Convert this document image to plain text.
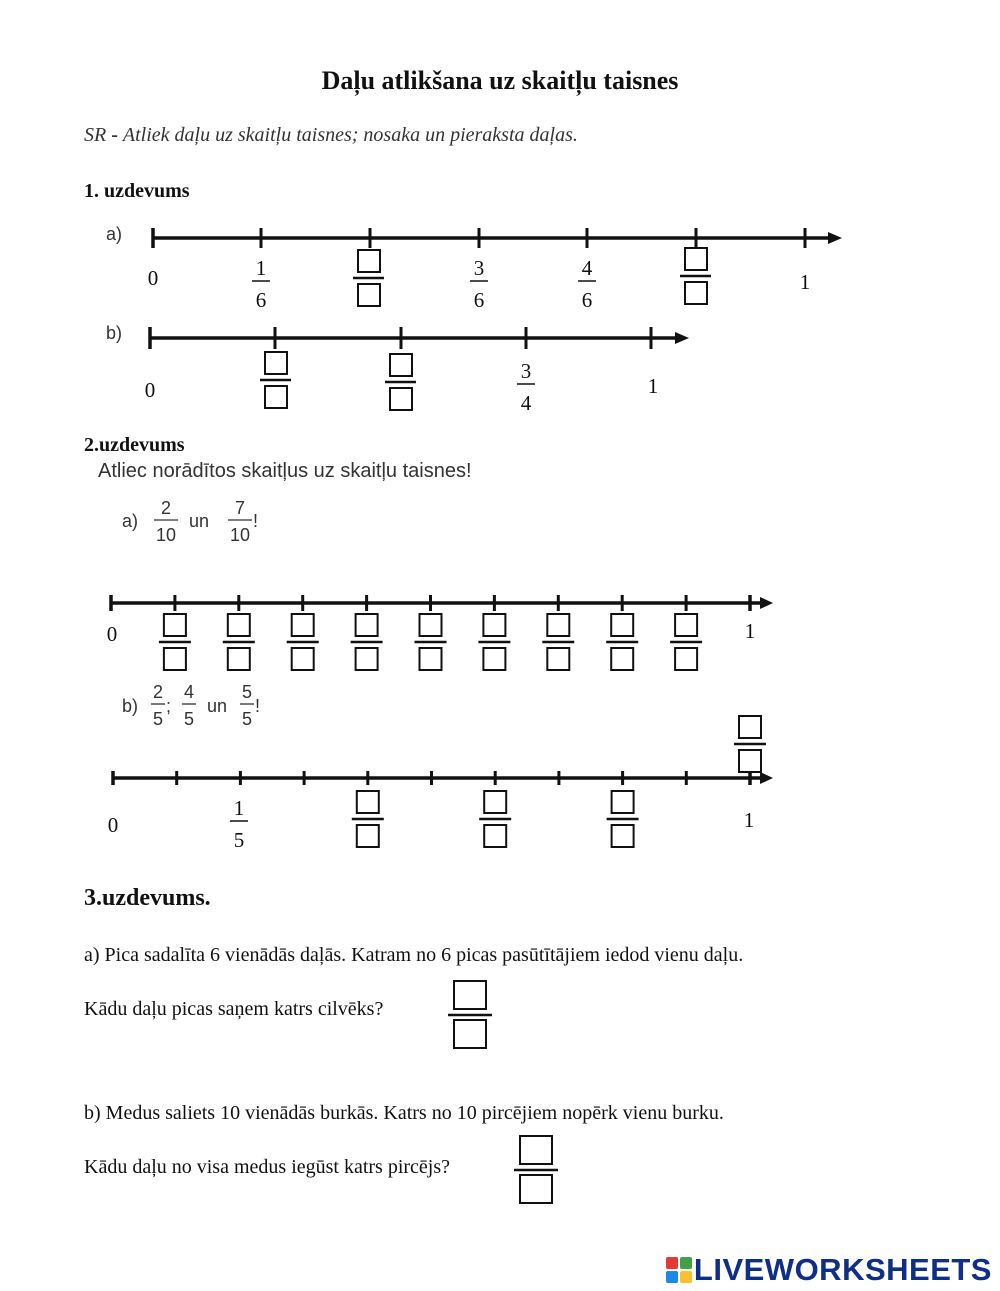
Daļu atlikšana uz skaitļu taisnes
SR - Atliek daļu uz skaitļu taisnes; nosaka un pieraksta daļas.
1. uzdevums
a)
0	1
1
6
3
6
4
6
b)
0	1
3
4
2.uzdevums
Atliec norādītos skaitļus uz skaitļu taisnes!
a)
2
10
un
7
10
!
0	1
b)
2
5
;
4
5
un
5
5
!
0	1
1
5
3.uzdevums.
a) Pica sadalīta 6 vienādās daļās. Katram no 6 picas pasūtītājiem iedod vienu daļu.
Kādu daļu picas saņem katrs cilvēks?
b) Medus saliets 10 vienādās burkās. Katrs no 10 pircējiem nopērk vienu burku.
Kādu daļu no visa medus iegūst katrs pircējs?
LIVEWORKSHEETS
